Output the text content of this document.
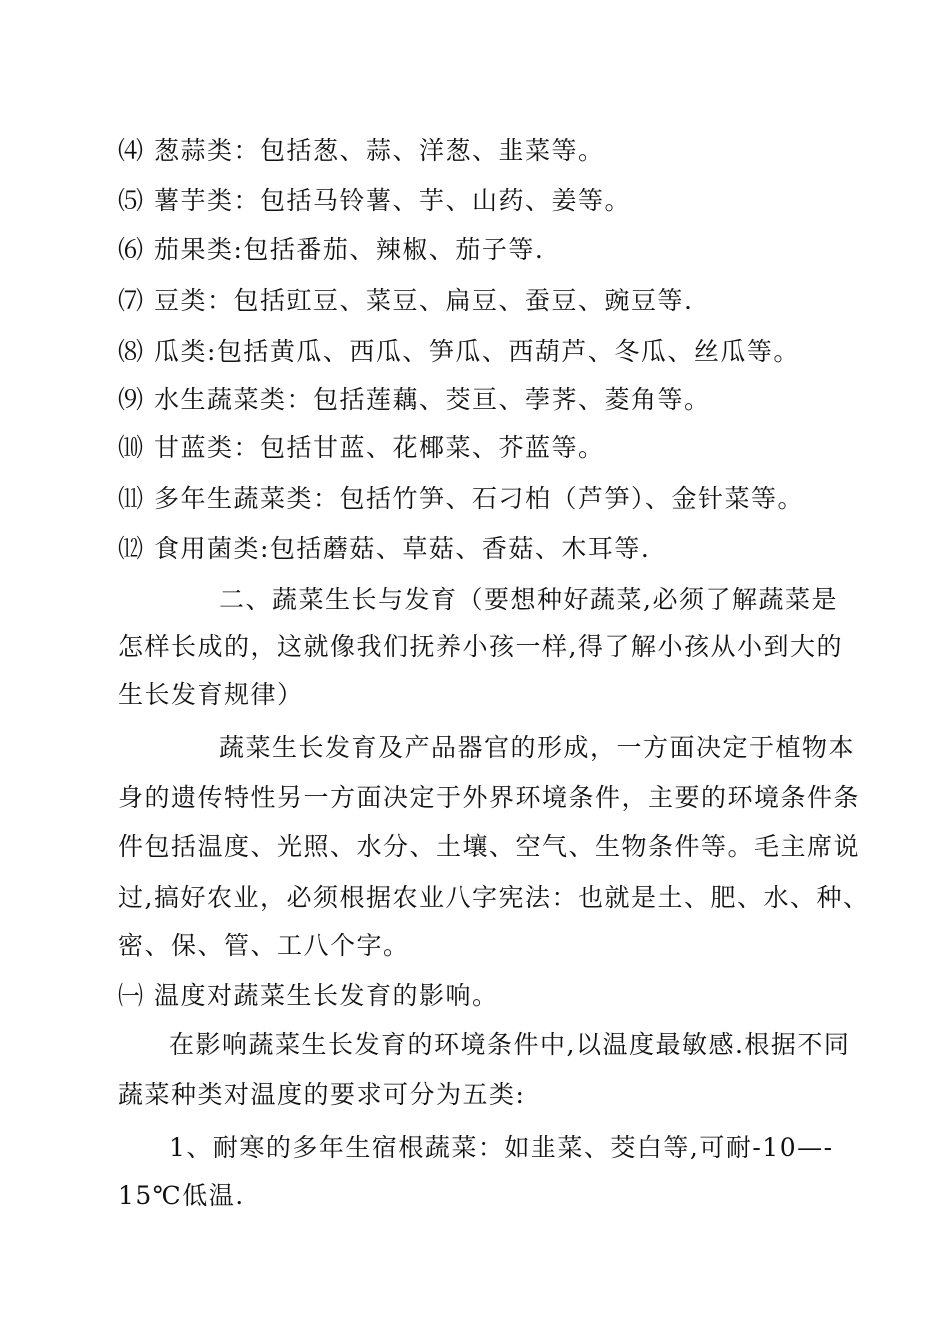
⑷ 葱蒜类：包括葱、蒜、洋葱、韭菜等。
⑸ 薯芋类：包括马铃薯、芋、山药、姜等。
⑹ 茄果类:包括番茄、辣椒、茄子等.
⑺ 豆类：包括豇豆、菜豆、扁豆、蚕豆、豌豆等.
⑻ 瓜类:包括黄瓜、西瓜、笋瓜、西葫芦、冬瓜、丝瓜等。
⑼ 水生蔬菜类：包括莲藕、茭亘、荸荠、菱角等。
⑽ 甘蓝类：包括甘蓝、花椰菜、芥蓝等。
⑾ 多年生蔬菜类：包括竹笋、石刁柏（芦笋）、金针菜等。
⑿ 食用菌类:包括蘑菇、草菇、香菇、木耳等.
二、蔬菜生长与发育（要想种好蔬菜,必须了解蔬菜是
怎样长成的，这就像我们抚养小孩一样,得了解小孩从小到大的
生长发育规律）
蔬菜生长发育及产品器官的形成，一方面决定于植物本
身的遗传特性另一方面决定于外界环境条件，主要的环境条件条
件包括温度、光照、水分、土壤、空气、生物条件等。毛主席说
过,搞好农业，必须根据农业八字宪法：也就是土、肥、水、种、
密、保、管、工八个字。
㈠ 温度对蔬菜生长发育的影响。
在影响蔬菜生长发育的环境条件中,以温度最敏感.根据不同
蔬菜种类对温度的要求可分为五类:
1、耐寒的多年生宿根蔬菜：如韭菜、茭白等,可耐-10—-
15℃低温.
